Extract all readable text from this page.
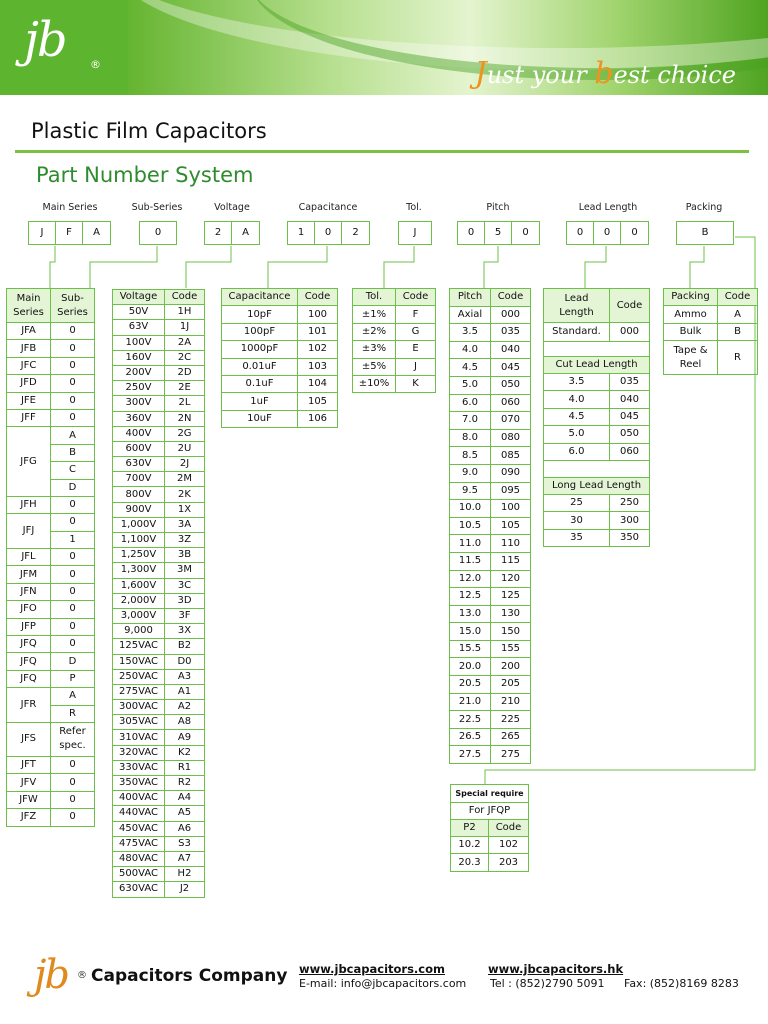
jb ®	Just your best choice
Plastic Film Capacitors
Part Number System
Main Series	Sub-Series	Voltage	Capacitance	Tol.	Pitch	Lead Length	Packing
J	F	A	0	2	A	1	0	2	J	0	5	0	0	0	0	B
Main
Series	Sub-
Series
JFA	0
JFB	0
JFC	0
JFD	0
JFE	0
JFF	0
JFG	A
	B
	C
	D
JFH	0
JFJ	0
	1
JFL	0
JFM	0
JFN	0
JFO	0
JFP	0
JFQ	0
JFQ	D
JFQ	P
JFR	A
	R
JFS	Refer
spec.
JFT	0
JFV	0
JFW	0
JFZ	0
Voltage	Code
50V	1H
63V	1J
100V	2A
160V	2C
200V	2D
250V	2E
300V	2L
360V	2N
400V	2G
600V	2U
630V	2J
700V	2M
800V	2K
900V	1X
1,000V	3A
1,100V	3Z
1,250V	3B
1,300V	3M
1,600V	3C
2,000V	3D
3,000V	3F
9,000	3X
125VAC	B2
150VAC	D0
250VAC	A3
275VAC	A1
300VAC	A2
305VAC	A8
310VAC	A9
320VAC	K2
330VAC	R1
350VAC	R2
400VAC	A4
440VAC	A5
450VAC	A6
475VAC	S3
480VAC	A7
500VAC	H2
630VAC	J2
Capacitance	Code
10pF	100
100pF	101
1000pF	102
0.01uF	103
0.1uF	104
1uF	105
10uF	106
Tol.	Code
±1%	F
±2%	G
±3%	E
±5%	J
±10%	K
Pitch	Code
Axial	000
3.5	035
4.0	040
4.5	045
5.0	050
6.0	060
7.0	070
8.0	080
8.5	085
9.0	090
9.5	095
10.0	100
10.5	105
11.0	110
11.5	115
12.0	120
12.5	125
13.0	130
15.0	150
15.5	155
20.0	200
20.5	205
21.0	210
22.5	225
26.5	265
27.5	275
Lead
Length	Code
Standard.	000

Cut Lead Length	
3.5	035
4.0	040
4.5	045
5.0	050
6.0	060

Long Lead Length	
25	250
30	300
35	350
Packing	Code
Ammo	A
Bulk	B
Tape &
Reel	R
Special require	
For JFQP	
P2	Code
10.2	102
20.3	203
jb ® Capacitors Company www.jbcapacitors.com	www.jbcapacitors.hk
E-mail: info@jbcapacitors.com Tel : (852)2790 5091 Fax: (852)8169 8283
